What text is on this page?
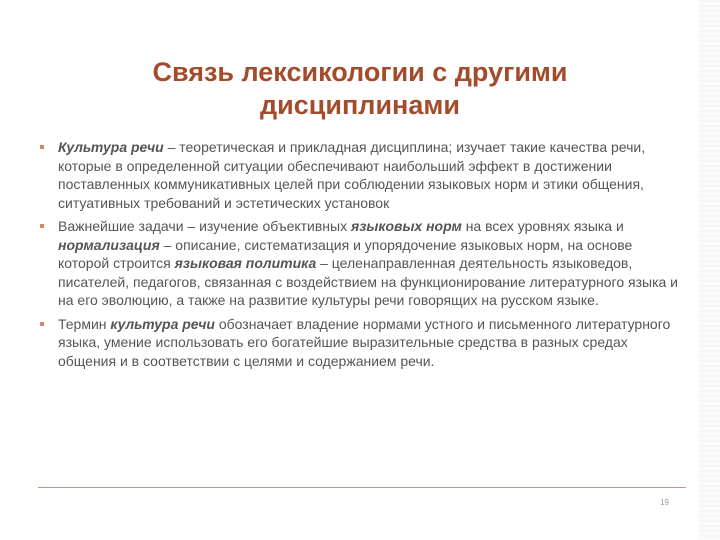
Связь лексикологии с другими дисциплинами
Культура речи – теоретическая и прикладная дисциплина; изучает такие качества речи, которые в определенной ситуации обеспечивают наибольший эффект в достижении поставленных коммуникативных целей при соблюдении языковых норм и этики общения, ситуативных требований и эстетических установок
Важнейшие задачи – изучение объективных языковых норм на всех уровнях языка и нормализация – описание, систематизация и упорядочение языковых норм, на основе которой строится языковая политика – целенаправленная деятельность языковедов, писателей, педагогов, связанная с воздействием на функционирование литературного языка и на его эволюцию, а также на развитие культуры речи говорящих на русском языке.
Термин культура речи обозначает владение нормами устного и письменного литературного языка, умение использовать его богатейшие выразительные средства в разных средах общения и в соответствии с целями и содержанием речи.
19
